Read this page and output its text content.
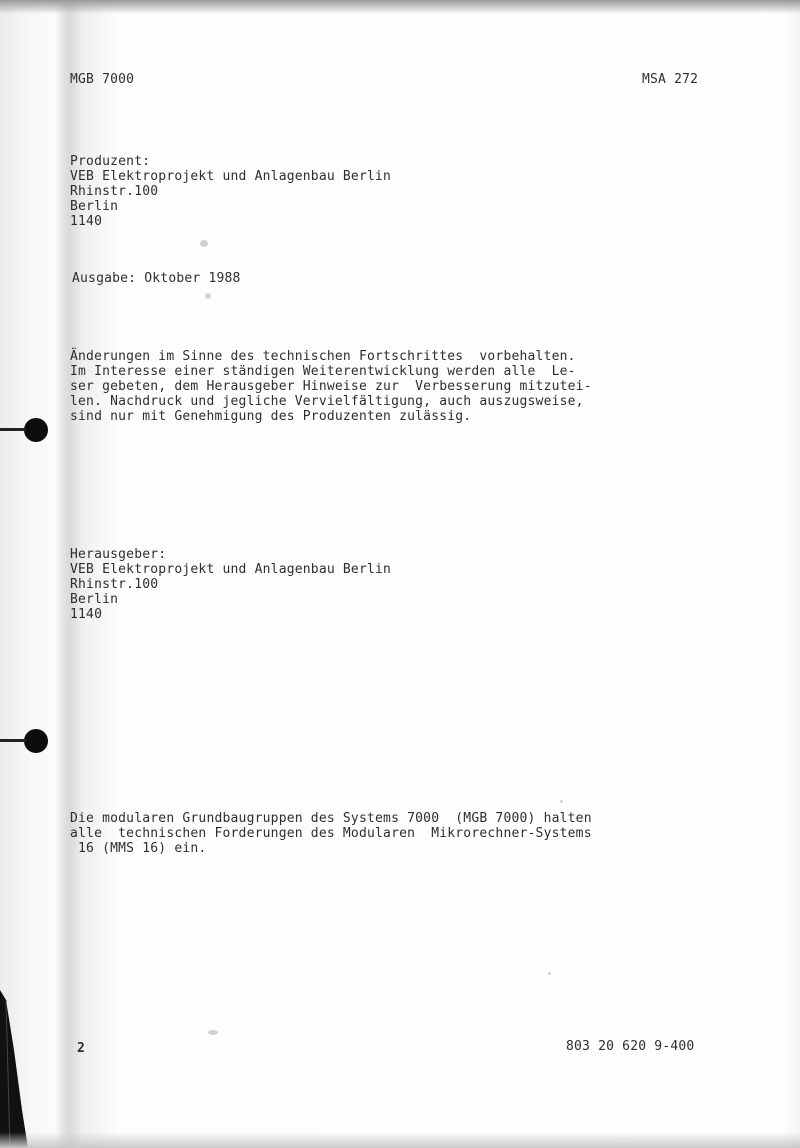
MGB 7000	MSA 272

Produzent:

VEB Elektroprojekt und Anlagenbau Berlin

Rhinstr.100

Berlin

1140

Ausgabe: Oktober 1988

Änderungen im Sinne des technischen Fortschrittes  vorbehalten.

Im Interesse einer ständigen Weiterentwicklung werden alle  Le-

ser gebeten, dem Herausgeber Hinweise zur  Verbesserung mitzutei-

len. Nachdruck und jegliche Vervielfältigung, auch auszugsweise,

sind nur mit Genehmigung des Produzenten zulässig.

Herausgeber:

VEB Elektroprojekt und Anlagenbau Berlin

Rhinstr.100

Berlin

1140

Die modularen Grundbaugruppen des Systems 7000  (MGB 7000) halten

alle  technischen Forderungen des Modularen  Mikrorechner-Systems

16 (MMS 16) ein.

2	803 20 620 9-400
